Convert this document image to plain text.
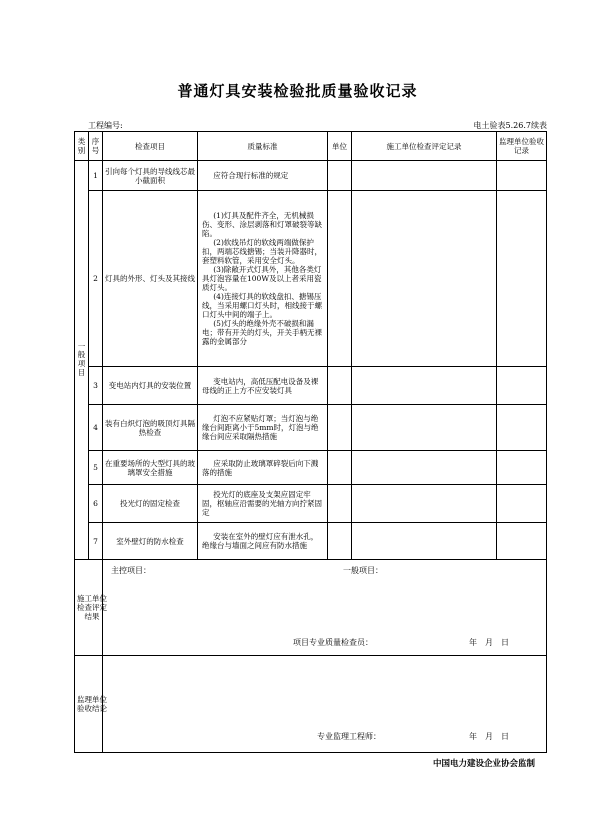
普通灯具安装检验批质量验收记录
工程编号:	电土验表5.26.7续表
类别	序号	检查项目	质量标准	单位	施工单位检查评定记录	监理单位验收记录
一般项目	1	引向每个灯具的导线线芯最小截面积	应符合现行标准的规定			

	2	灯具的外形、灯头及其接线	(1)灯具及配件齐全，无机械损伤、变形、涂层剥落和灯罩破裂等缺陷。

(2)软线吊灯的软线两端做保护扣，两端芯线搪锡；当装升降器时，套塑料软管，采用安全灯头。

(3)除敞开式灯具外，其他各类灯具灯泡容量在100W及以上者采用瓷质灯头。

(4)连接灯具的软线盘扣、搪锡压线，当采用螺口灯头时，相线接于螺口灯头中间的端子上。

(5)灯头的绝缘外壳不破损和漏电；带有开关的灯头，开关手柄无裸露的金属部分			

	3	变电站内灯具的安装位置	变电站内，高低压配电设备及裸母线的正上方不应安装灯具			

	4	装有白炽灯泡的吸顶灯具隔热检查	灯泡不应紧贴灯罩；当灯泡与绝缘台间距离小于5mm时，灯泡与绝缘台间应采取隔热措施			

	5	在重要场所的大型灯具的玻璃罩安全措施	应采取防止玻璃罩碎裂后向下溅落的措施			

	6	投光灯的固定检查	投光灯的底座及支架应固定牢固，枢轴应沿需要的光轴方向拧紧固定			

	7	室外壁灯的防水检查	安装在室外的壁灯应有泄水孔，绝缘台与墙面之间应有防水措施			

施工单位检查评定结果		主控项目： 一般项目：
项目专业质量检查员： 年　月　日				

监理单位验收结论		专业监理工程师： 年　月　日				
中国电力建设企业协会监制
